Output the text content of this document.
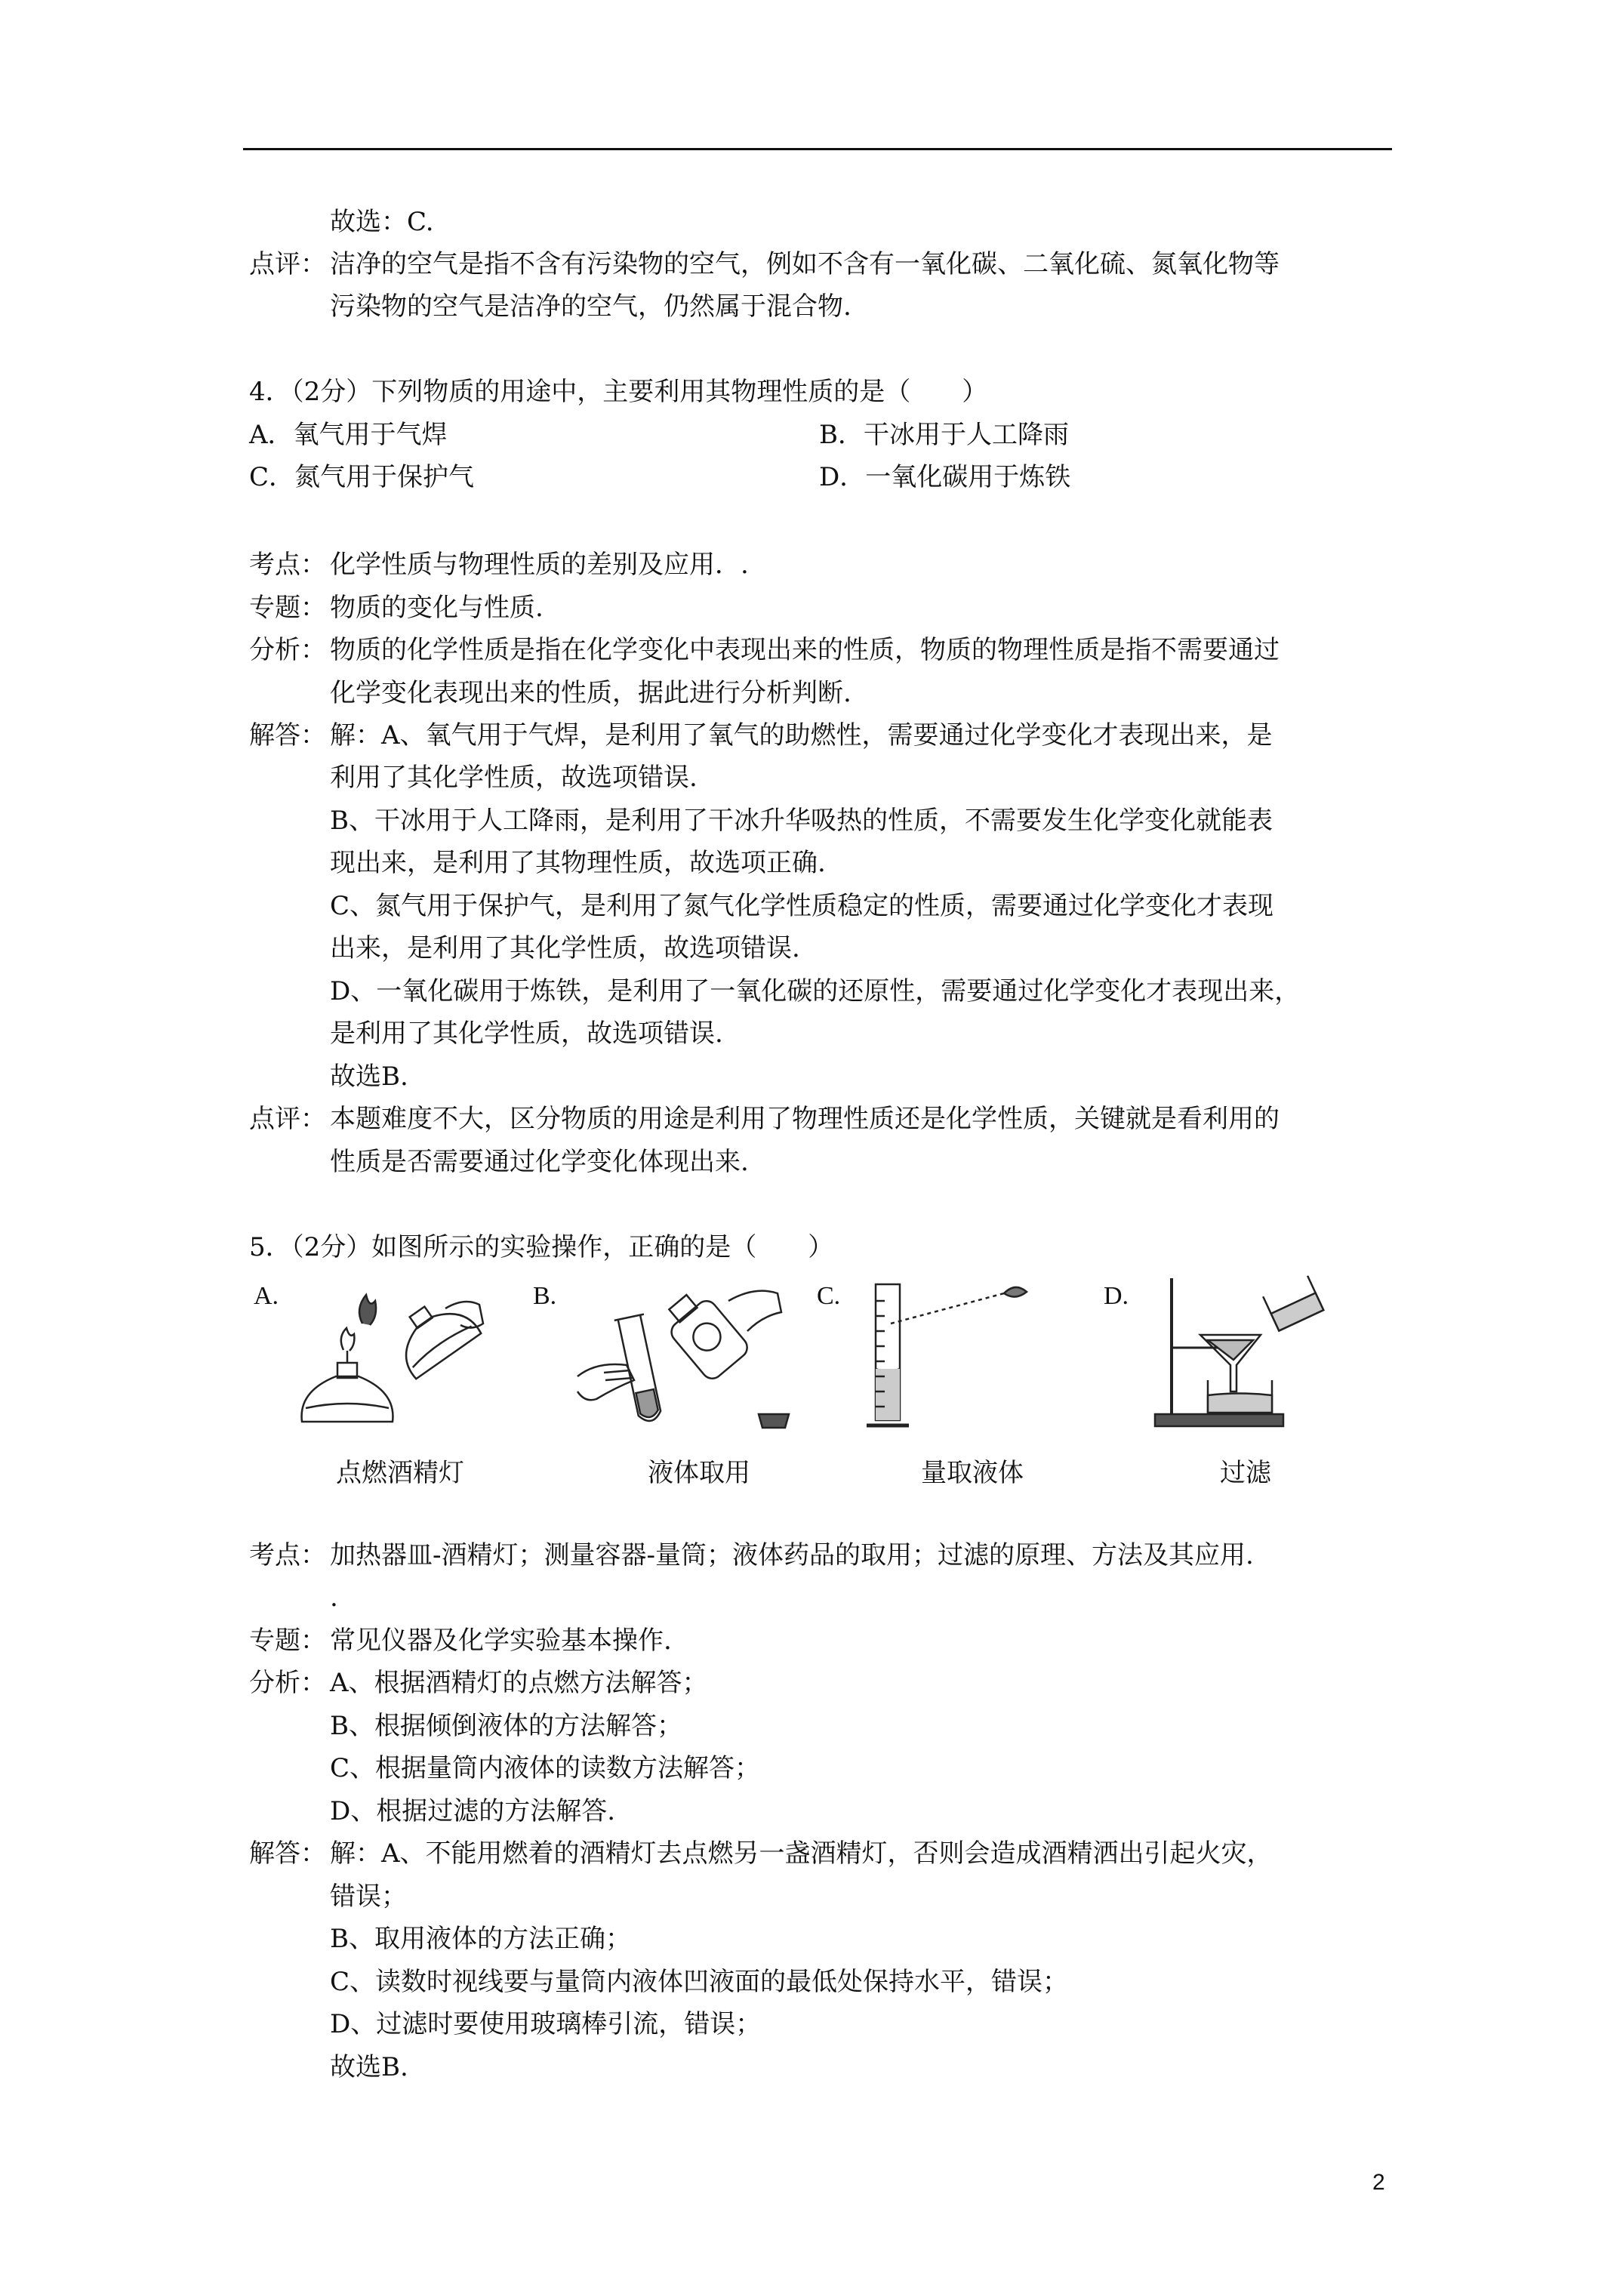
故选：C.
点评： 洁净的空气是指不含有污染物的空气，例如不含有一氧化碳、二氧化硫、氮氧化物等
污染物的空气是洁净的空气，仍然属于混合物.
4．（2分）下列物质的用途中，主要利用其物理性质的是（　　）
A．氧气用于气焊	B．干冰用于人工降雨
C．氮气用于保护气	D．一氧化碳用于炼铁
考点： 化学性质与物理性质的差别及应用．.
专题： 物质的变化与性质.
分析： 物质的化学性质是指在化学变化中表现出来的性质，物质的物理性质是指不需要通过
化学变化表现出来的性质，据此进行分析判断.
解答： 解：A、氧气用于气焊，是利用了氧气的助燃性，需要通过化学变化才表现出来，是
利用了其化学性质，故选项错误.
B、干冰用于人工降雨，是利用了干冰升华吸热的性质，不需要发生化学变化就能表
现出来，是利用了其物理性质，故选项正确.
C、氮气用于保护气，是利用了氮气化学性质稳定的性质，需要通过化学变化才表现
出来，是利用了其化学性质，故选项错误.
D、一氧化碳用于炼铁，是利用了一氧化碳的还原性，需要通过化学变化才表现出来，
是利用了其化学性质，故选项错误.
故选B.
点评： 本题难度不大，区分物质的用途是利用了物理性质还是化学性质，关键就是看利用的
性质是否需要通过化学变化体现出来.
5．（2分）如图所示的实验操作，正确的是（　　）
A.	B.	C.	D.
点燃酒精灯	液体取用	量取液体	过滤
考点： 加热器皿-酒精灯；测量容器-量筒；液体药品的取用；过滤的原理、方法及其应用.
.
专题： 常见仪器及化学实验基本操作.
分析： A、根据酒精灯的点燃方法解答；
B、根据倾倒液体的方法解答；
C、根据量筒内液体的读数方法解答；
D、根据过滤的方法解答.
解答： 解：A、不能用燃着的酒精灯去点燃另一盏酒精灯，否则会造成酒精洒出引起火灾，
错误；
B、取用液体的方法正确；
C、读数时视线要与量筒内液体凹液面的最低处保持水平，错误；
D、过滤时要使用玻璃棒引流，错误；
故选B.
2
